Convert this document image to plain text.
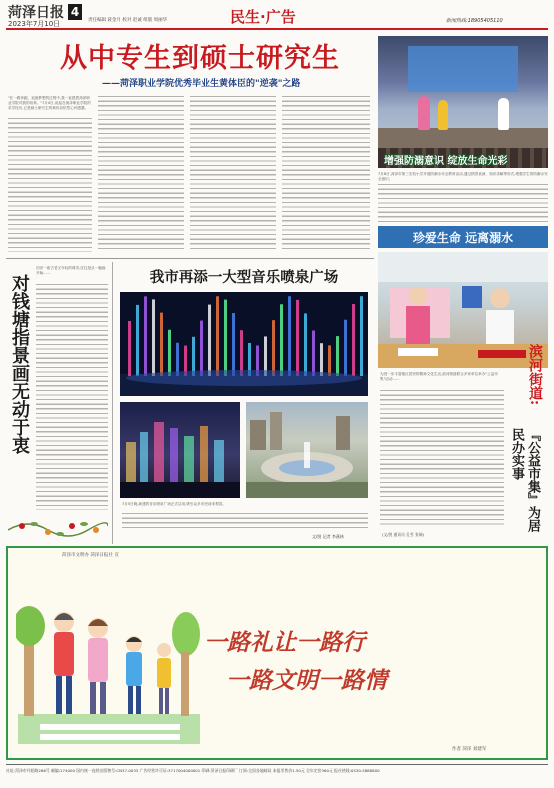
菏泽日报
2023年7月10日
4
责任编辑 聂金月 校对 赵诚 组版 周丽华	民生·广告	新闻热线:18905405110
从中专生到硕士研究生
——菏泽职业学院优秀毕业生黄体臣的"逆袭"之路
"在一路奔跑、追逐梦想的过程中,我一直感恩菏泽职业学院对我的培养。"7月4日,说起在菏泽职业学院的求学经历,已是硕士研究生的黄体臣依然心怀感激。
增强防溺意识 绽放生命光彩
7月8日,菏泽市第三实验小学开展防溺水安全教育活动,通过情景表演、知识讲解等形式,增强学生的防溺水安全意识。
珍爱生命 远离溺水
对钱塘指景画无动于衷
初识一座古老又年轻的城市,往往是从一幅画开始……	我市再添一大型音乐喷泉广场
7月5日晚,新建的音乐喷泉广场正式启用,吸引众多市民前来观赏。
文/图 记者 李燕林
为进一步丰富辖区居民的精神文化生活,滨河街道联合多家单位举办"公益市集"活动……
(文/图 通讯员 孔雪 张瑞)
滨河街道:
『公益市集』为居民办实事
菏泽市文明办 菏泽日报社 宣
一路礼让一路行
一路文明一路情
作者 菏泽 刘建军
社址:菏泽市丹阳路266号 邮编:274000 国内统一连续出版物号:CN37-0033 广告经营许可证:3717004000001 印刷:菏泽日报印刷厂 订阅:全国各地邮局 本报零售价1.50元 全年定价360元 报社热线:0530-5888800
